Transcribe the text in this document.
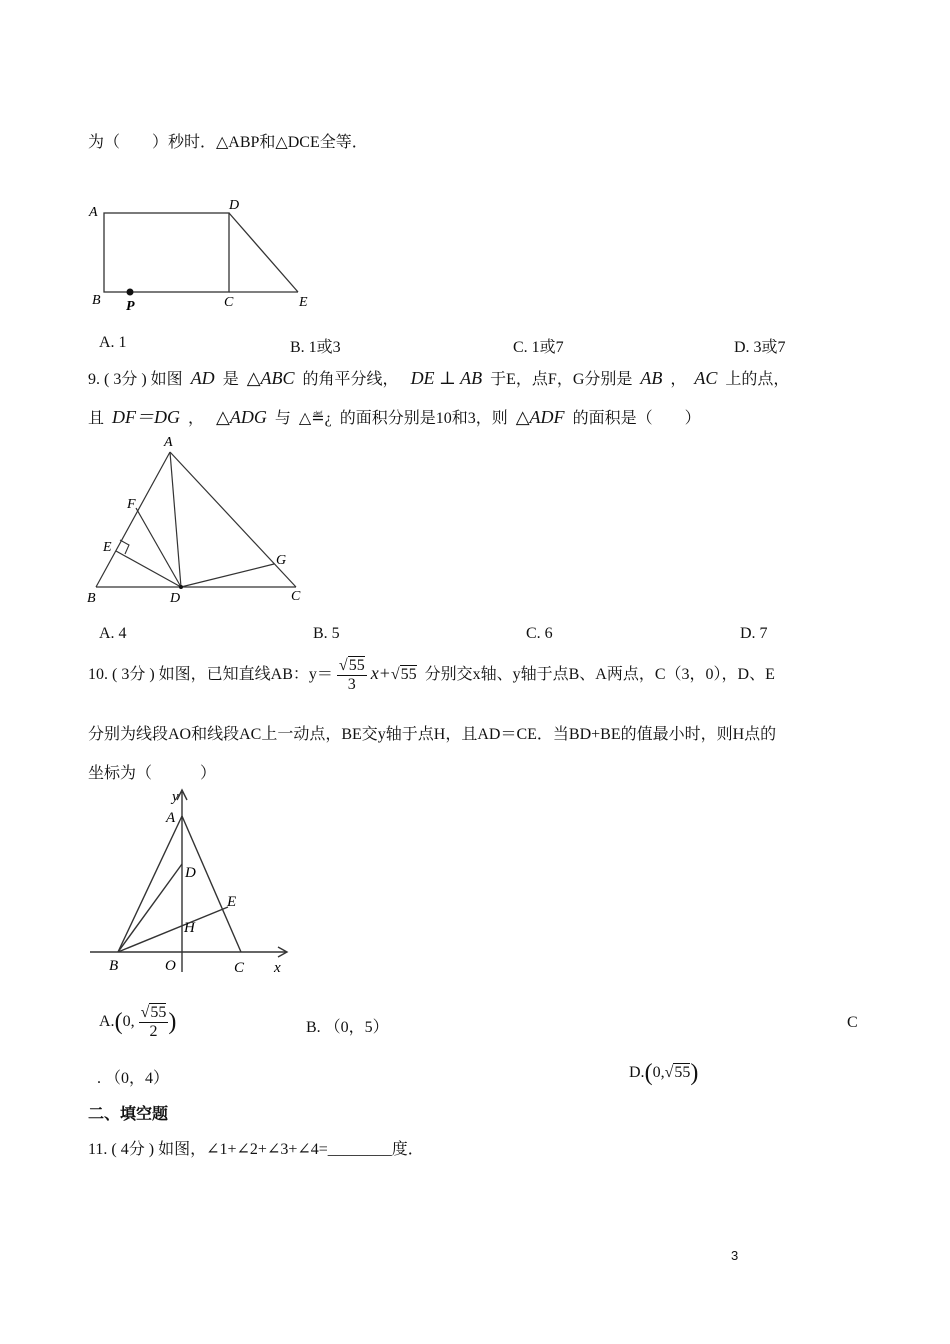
为（　　）秒时．△ABP和△DCE全等．
A	D
B P	C	E
A. 1	B. 1或3	C. 1或7	D. 3或7
9. ( 3分 ) 如图 AD 是 △ABC 的角平分线， DE ⊥ AB 于E，点F，G分别是 AB ， AC 上的点，
且 DF＝DG ， △ADG 与 △≝¿ 的面积分别是10和3，则 △ADF 的面积是（　　）
A
F
E
G
B	D	C
A. 4	B. 5	C. 6	D. 7
10. ( 3分 ) 如图，已知直线AB：$y= \frac{√55}{3} x+√55$ 分别交x轴、y轴于点B、A两点，C（3，0），D、E
分别为线段AO和线段AC上一动点，BE交y轴于点H，且AD＝CE．当BD+BE的值最小时，则H点的
坐标为（　　　）
y
A
D
E
H
B	O	C x
A.(0, $\frac{√55}{2}$ )	B. （0，5）	C
. （0，4）	D.(0,√55)
二、填空题
11. ( 4分 ) 如图，∠1+∠2+∠3+∠4=________度．
3
